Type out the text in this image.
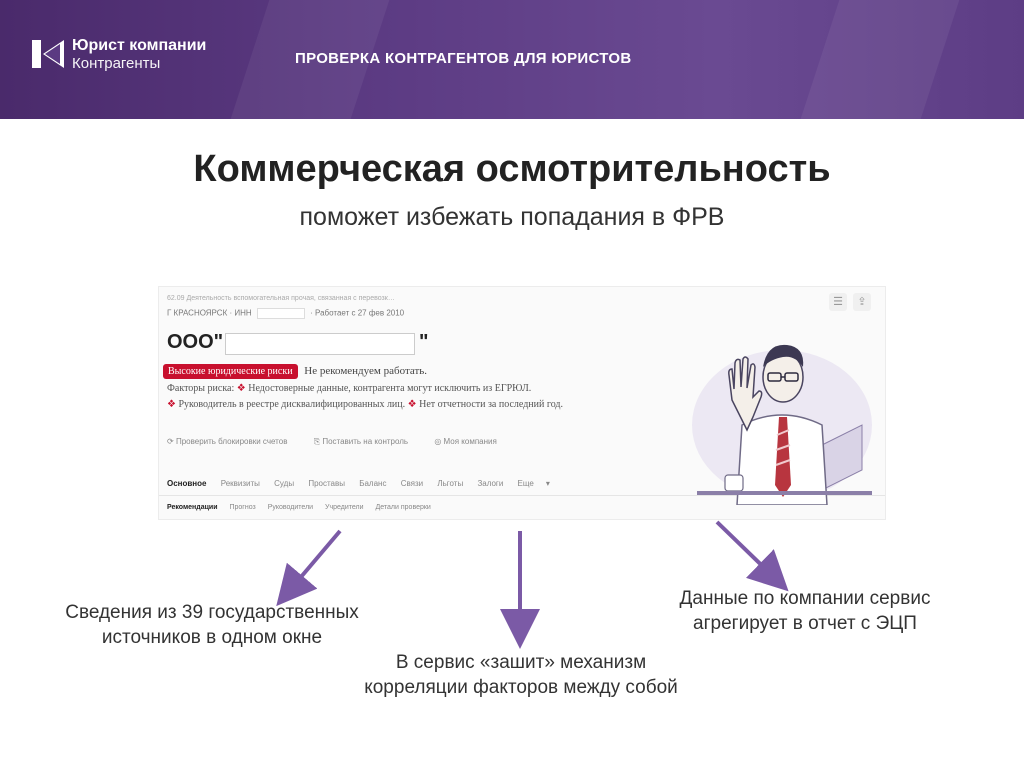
Юрист компании
Контрагенты	ПРОВЕРКА КОНТРАГЕНТОВ ДЛЯ ЮРИСТОВ
Коммерческая осмотрительность
поможет избежать попадания в ФРВ
62.09 Деятельность вспомогательная прочая, связанная с перевозк…
Г КРАСНОЯРСК · ИНН	· Работает с 27 фев 2010
☰ ⇪
ООО"	"
Высокие юридические риски Не рекомендуем работать.
Факторы риска: ❖ Недостоверные данные, контрагента могут исключить из ЕГРЮЛ.
❖ Руководитель в реестре дисквалифицированных лиц. ❖ Нет отчетности за последний год.
⟳ Проверить блокировки счетов	⎘ Поставить на контроль	◎ Моя компания
Основное Реквизиты Суды Проставы Баланс Связи Льготы Залоги Еще ▾
Рекомендации Прогноз Руководители Учредители Детали проверки
Сведения из 39 государственных источников в одном окне
В сервис «зашит» механизм корреляции факторов между собой
Данные по компании сервис агрегирует в отчет с ЭЦП
